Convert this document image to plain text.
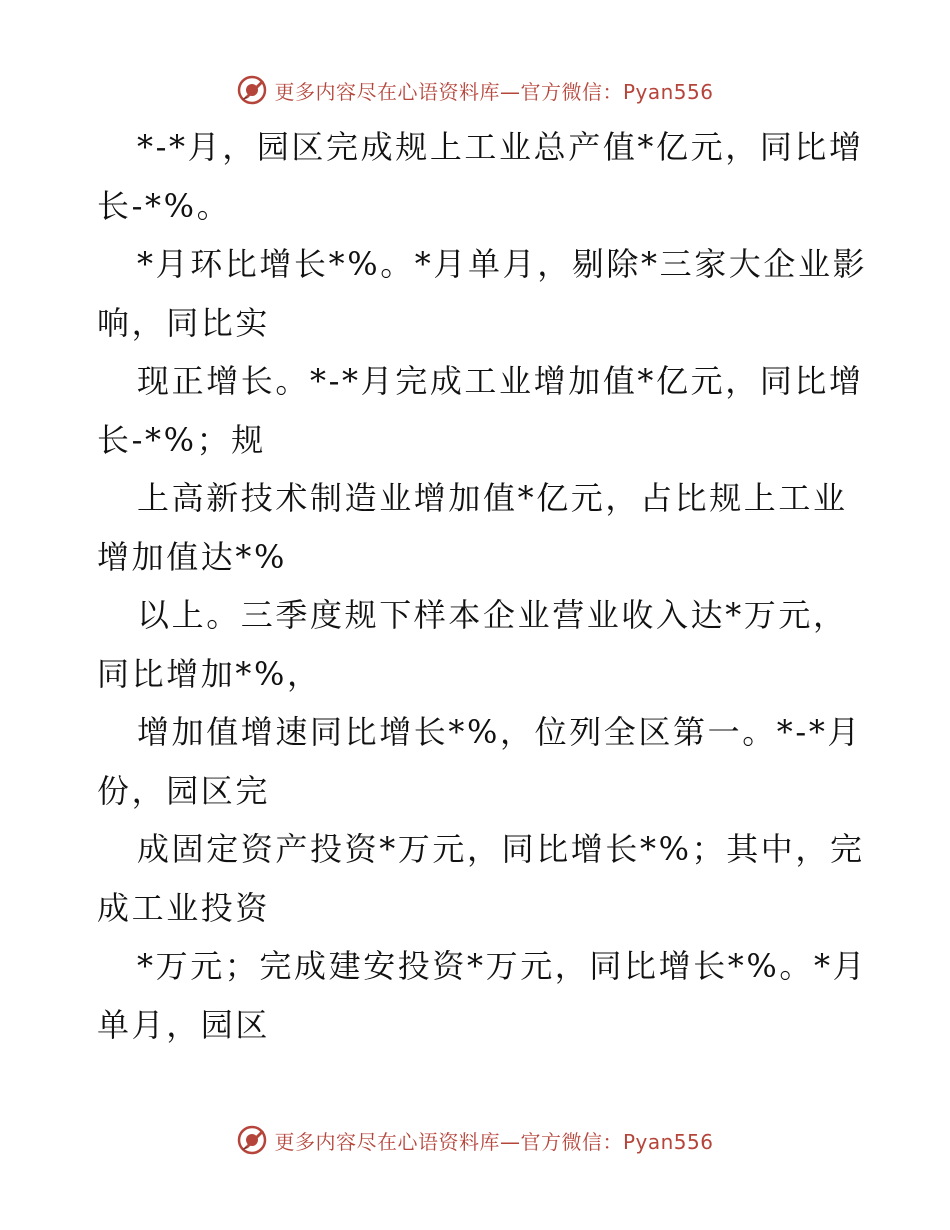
更多内容尽在心语资料库—官方微信：Pyan556
*-*月，园区完成规上工业总产值*亿元，同比增
长-*%。
*月环比增长*%。*月单月，剔除*三家大企业影
响，同比实
现正增长。*-*月完成工业增加值*亿元，同比增
长-*%；规
上高新技术制造业增加值*亿元，占比规上工业
增加值达*%
以上。三季度规下样本企业营业收入达*万元，
同比增加*%，
增加值增速同比增长*%，位列全区第一。*-*月
份，园区完
成固定资产投资*万元，同比增长*%；其中，完
成工业投资
*万元；完成建安投资*万元，同比增长*%。*月
单月，园区
更多内容尽在心语资料库—官方微信：Pyan556
